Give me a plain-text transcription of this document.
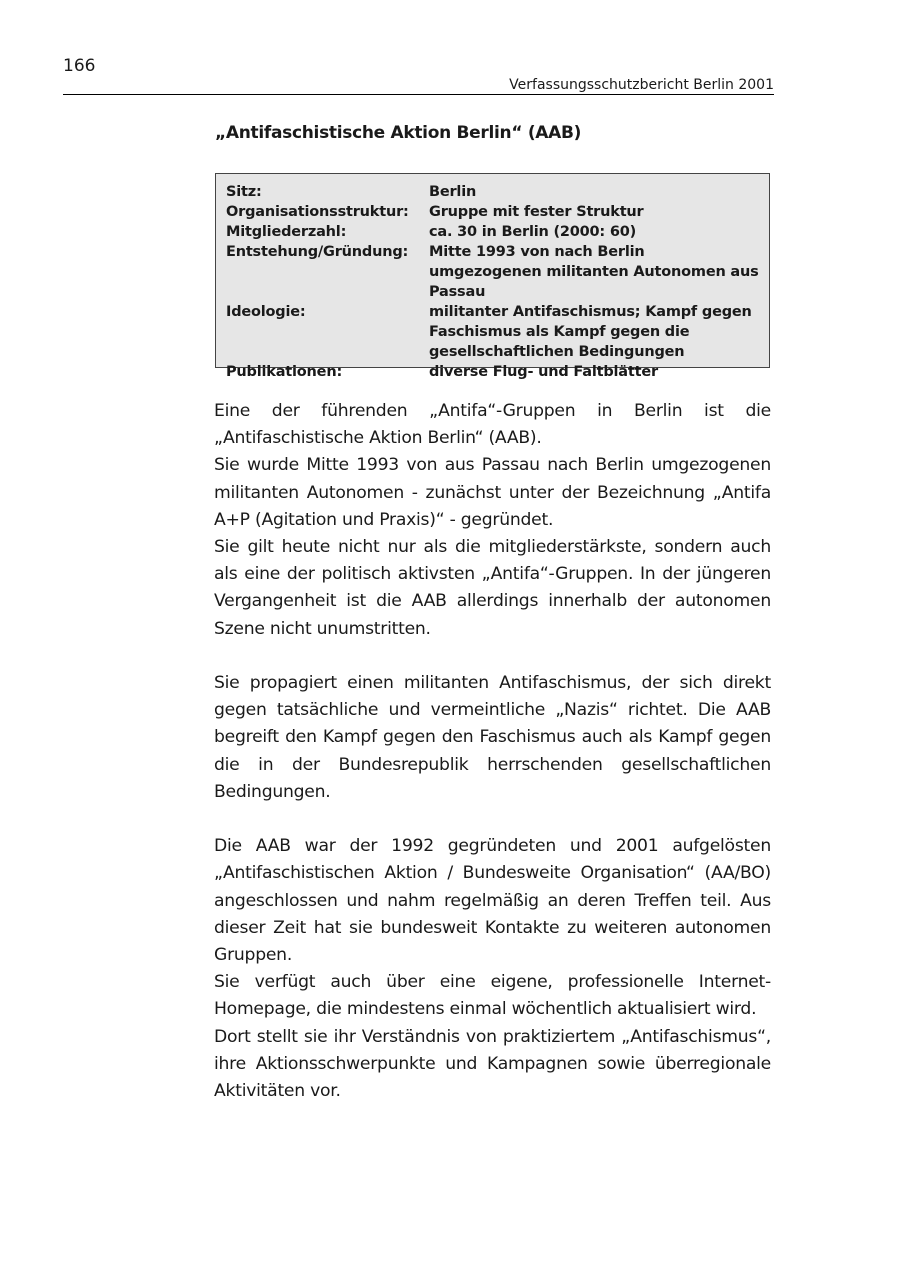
166
Verfassungsschutzbericht Berlin 2001
„Antifaschistische Aktion Berlin“ (AAB)
Sitz:	Berlin
Organisationsstruktur:	Gruppe mit fester Struktur
Mitgliederzahl:	ca. 30 in Berlin (2000: 60)
Entstehung/Gründung:	Mitte 1993 von nach Berlin umgezogenen militanten Autonomen aus Passau
Ideologie:	militanter Antifaschismus; Kampf gegen Faschismus als Kampf gegen die gesellschaftlichen Bedingungen
Publikationen:	diverse Flug- und Faltblätter

Eine der führenden „Antifa“-Gruppen in Berlin ist die „Antifaschistische Aktion Berlin“ (AAB).

Sie wurde Mitte 1993 von aus Passau nach Berlin umgezogenen militanten Autonomen - zunächst unter der Bezeichnung „Antifa A+P (Agitation und Praxis)“ - gegründet.

Sie gilt heute nicht nur als die mitgliederstärkste, sondern auch als eine der politisch aktivsten „Antifa“-Gruppen. In der jüngeren Vergangenheit ist die AAB allerdings innerhalb der autonomen Szene nicht unumstritten.

Sie propagiert einen militanten Antifaschismus, der sich direkt gegen tatsächliche und vermeintliche „Nazis“ richtet. Die AAB begreift den Kampf gegen den Faschismus auch als Kampf gegen die in der Bundesrepublik herrschenden gesellschaftlichen Bedingungen.

Die AAB war der 1992 gegründeten und 2001 aufgelösten „Antifaschistischen Aktion / Bundesweite Organisation“ (AA/BO) angeschlossen und nahm regelmäßig an deren Treffen teil. Aus dieser Zeit hat sie bundesweit Kontakte zu weiteren autonomen Gruppen.

Sie verfügt auch über eine eigene, professionelle Internet-Homepage, die mindestens einmal wöchentlich aktualisiert wird.

Dort stellt sie ihr Verständnis von praktiziertem „Antifaschismus“, ihre Aktionsschwerpunkte und Kampagnen sowie überregionale Aktivitäten vor.
